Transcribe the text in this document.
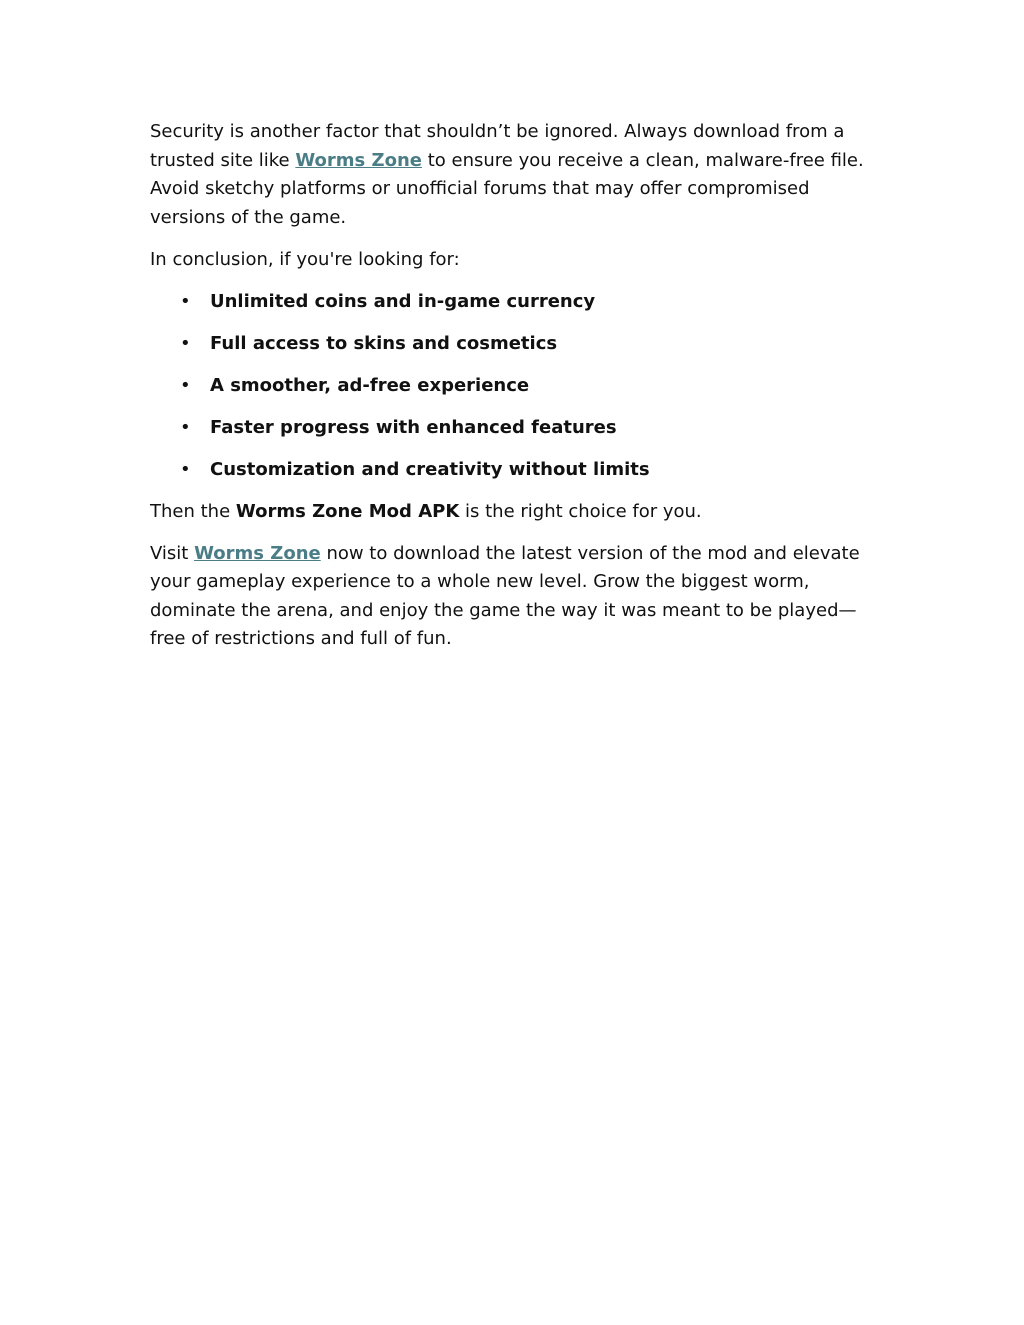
Security is another factor that shouldn’t be ignored. Always download from a trusted site like Worms Zone to ensure you receive a clean, malware-free file. Avoid sketchy platforms or unofficial forums that may offer compromised versions of the game.

In conclusion, if you're looking for:

• Unlimited coins and in-game currency
• Full access to skins and cosmetics
• A smoother, ad-free experience
• Faster progress with enhanced features
• Customization and creativity without limits

Then the Worms Zone Mod APK is the right choice for you.

Visit Worms Zone now to download the latest version of the mod and elevate your gameplay experience to a whole new level. Grow the biggest worm, dominate the arena, and enjoy the game the way it was meant to be played—free of restrictions and full of fun.
